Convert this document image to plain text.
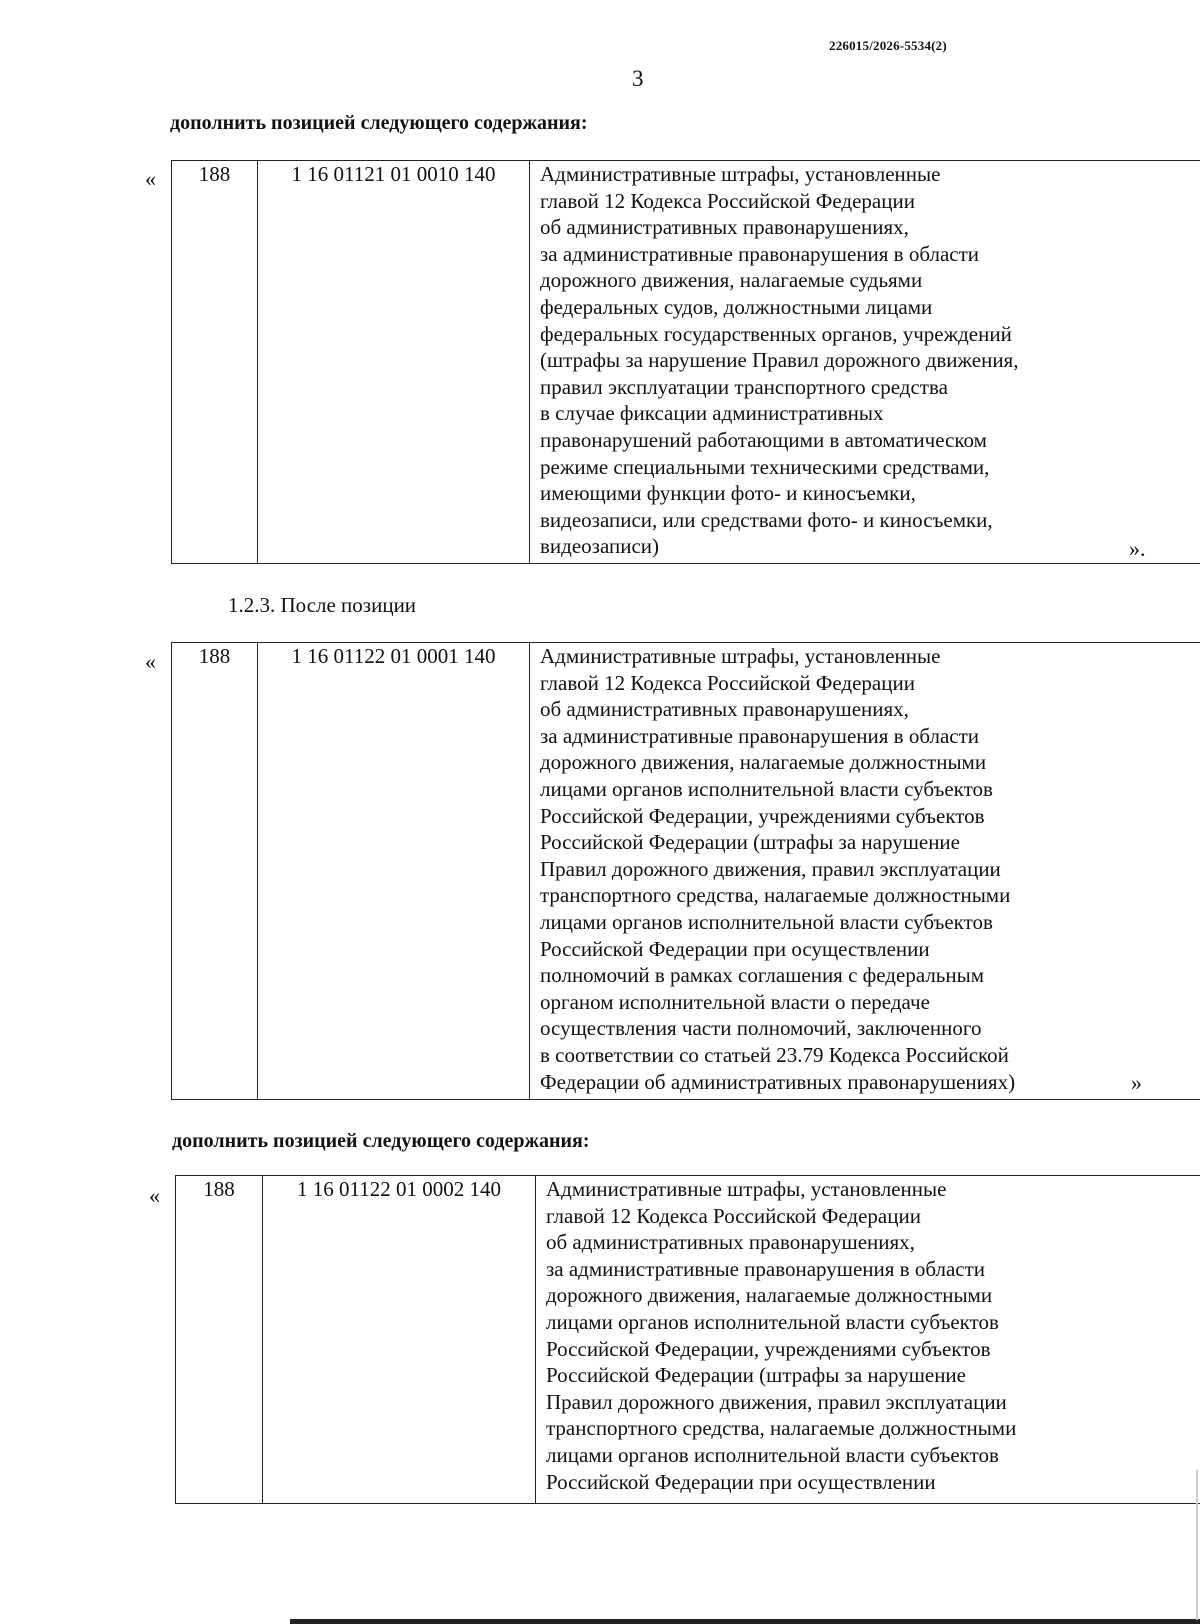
226015/2026-5534(2)
3
дополнить позицией следующего содержания:
« 188	1 16 01121 01 0010 140	Административные штрафы, установленные
главой 12 Кодекса Российской Федерации
об административных правонарушениях,
за административные правонарушения в области
дорожного движения, налагаемые судьями
федеральных судов, должностными лицами
федеральных государственных органов, учреждений
(штрафы за нарушение Правил дорожного движения,
правил эксплуатации транспортного средства
в случае фиксации административных
правонарушений работающими в автоматическом
режиме специальными техническими средствами,
имеющими функции фото- и киносъемки,
видеозаписи, или средствами фото- и киносъемки,
видеозаписи)	».
1.2.3. После позиции
« 188	1 16 01122 01 0001 140	Административные штрафы, установленные
главой 12 Кодекса Российской Федерации
об административных правонарушениях,
за административные правонарушения в области
дорожного движения, налагаемые должностными
лицами органов исполнительной власти субъектов
Российской Федерации, учреждениями субъектов
Российской Федерации (штрафы за нарушение
Правил дорожного движения, правил эксплуатации
транспортного средства, налагаемые должностными
лицами органов исполнительной власти субъектов
Российской Федерации при осуществлении
полномочий в рамках соглашения с федеральным
органом исполнительной власти о передаче
осуществления части полномочий, заключенного
в соответствии со статьей 23.79 Кодекса Российской
Федерации об административных правонарушениях)	»
дополнить позицией следующего содержания:
« 188	1 16 01122 01 0002 140	Административные штрафы, установленные
главой 12 Кодекса Российской Федерации
об административных правонарушениях,
за административные правонарушения в области
дорожного движения, налагаемые должностными
лицами органов исполнительной власти субъектов
Российской Федерации, учреждениями субъектов
Российской Федерации (штрафы за нарушение
Правил дорожного движения, правил эксплуатации
транспортного средства, налагаемые должностными
лицами органов исполнительной власти субъектов
Российской Федерации при осуществлении
